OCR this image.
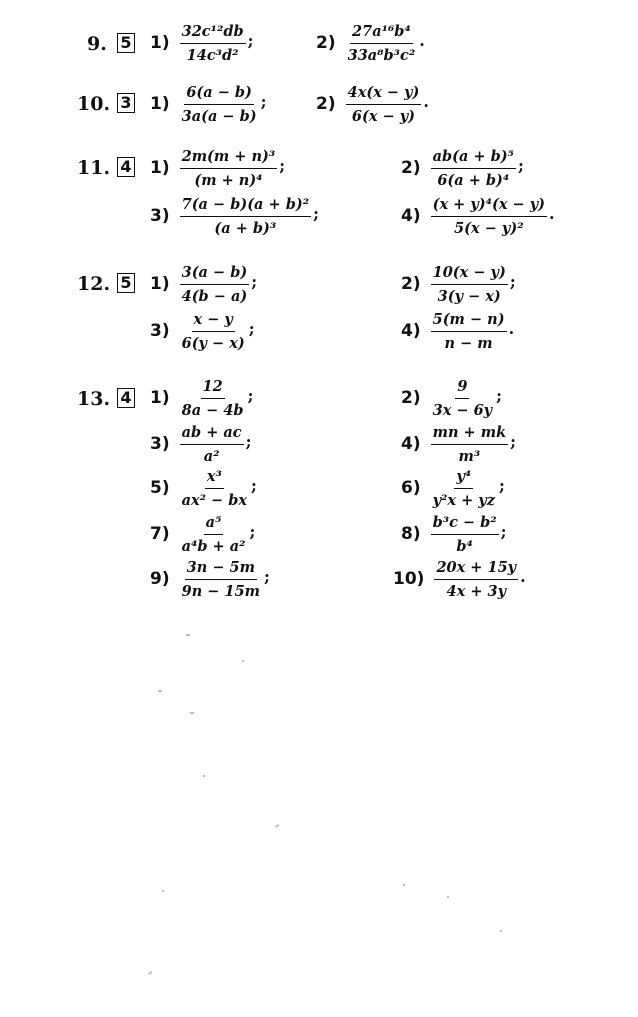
9. 5 $1) \frac{\text{32c¹²db}}{\text{14c³d²}}$ ;	$2) \frac{\text{27a¹⁶b⁴}}{\text{33a⁸b³c²}}$ .
10. 3 $1) \frac{6(a - b)}{3a(a - b)}$ ;	$2) \frac{4x(x - y)}{6(x - y)}$ .
11. 4 $1) \frac{\text{2m(m + n)³}}{\text{(m + n)⁴}}$ ;	$2) \frac{\text{ab(a + b)⁵}}{\text{6(a + b)⁴}}$ ;
$3) \frac{\text{7(a − b)(a + b)²}}{\text{(a + b)³}}$ ;	$4) \frac{\text{(x + y)⁴(x − y)}}{\text{5(x − y)²}}$ .
12. 5 $1) \frac{3(a - b)}{4(b - a)}$ ;	$2) \frac{10(x - y)}{3(y - x)}$ ;
$3) \frac{x - y}{6(y - x)}$ ;	$4) \frac{5(m - n)}{n - m}$ .
13. 4 $1) \frac{12}{8a - 4b}$ ;	$2) \frac{9}{3x - 6y}$ ;
$3) \frac{ab + ac}{\text{a²}}$ ;	$4) \frac{mn + mk}{\text{m³}}$ ;
$5) \frac{\text{x³}}{\text{ax² − bx}}$ ;	$6) \frac{\text{y⁴}}{\text{y²x + yz}}$ ;
$7) \frac{\text{a⁵}}{\text{a⁴b + a²}}$ ;	$8) \frac{\text{b³c − b²}}{\text{b⁴}}$ ;
$9) \frac{3n - 5m}{9n - 15m}$ ;	$10) \frac{20x + 15y}{4x + 3y}$ .
